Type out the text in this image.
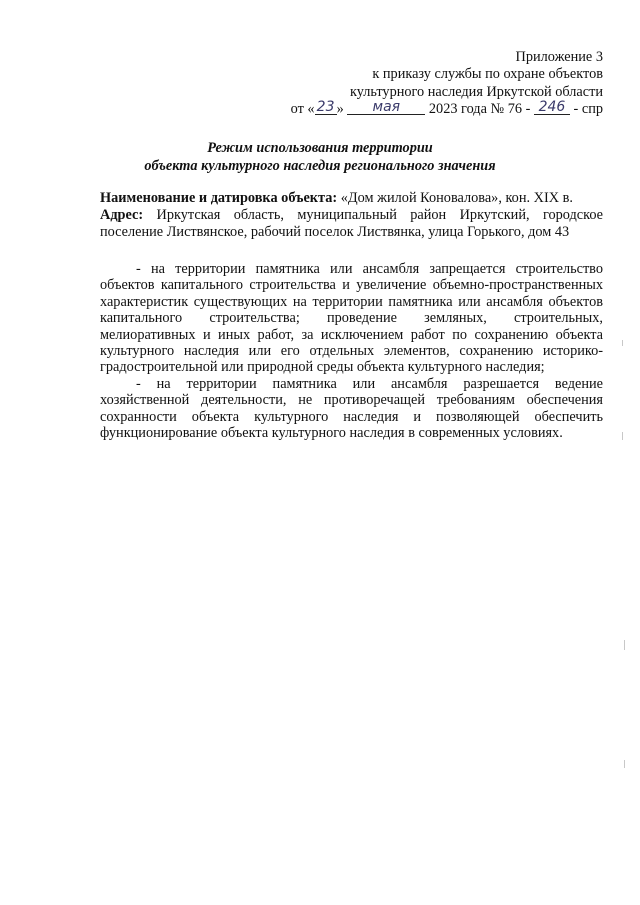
Приложение 3
к приказу службы по охране объектов
культурного наследия Иркутской области
от « 23 » мая 2023 года № 76 - 246 - спр
Режим использования территории
объекта культурного наследия регионального значения

Наименование и датировка объекта: «Дом жилой Коновалова», кон. XIX в.

Адрес: Иркутская область, муниципальный район Иркутский, городское поселение Листвянское, рабочий поселок Листвянка, улица Горького, дом 43

- на территории памятника или ансамбля запрещается строительство объектов капитального строительства и увеличение объемно-пространственных характеристик существующих на территории памятника или ансамбля объектов капитального строительства; проведение земляных, строительных, мелиоративных и иных работ, за исключением работ по сохранению объекта культурного наследия или его отдельных элементов, сохранению историко-градостроительной или природной среды объекта культурного наследия;

- на территории памятника или ансамбля разрешается ведение хозяйственной деятельности, не противоречащей требованиям обеспечения сохранности объекта культурного наследия и позволяющей обеспечить функционирование объекта культурного наследия в современных условиях.
